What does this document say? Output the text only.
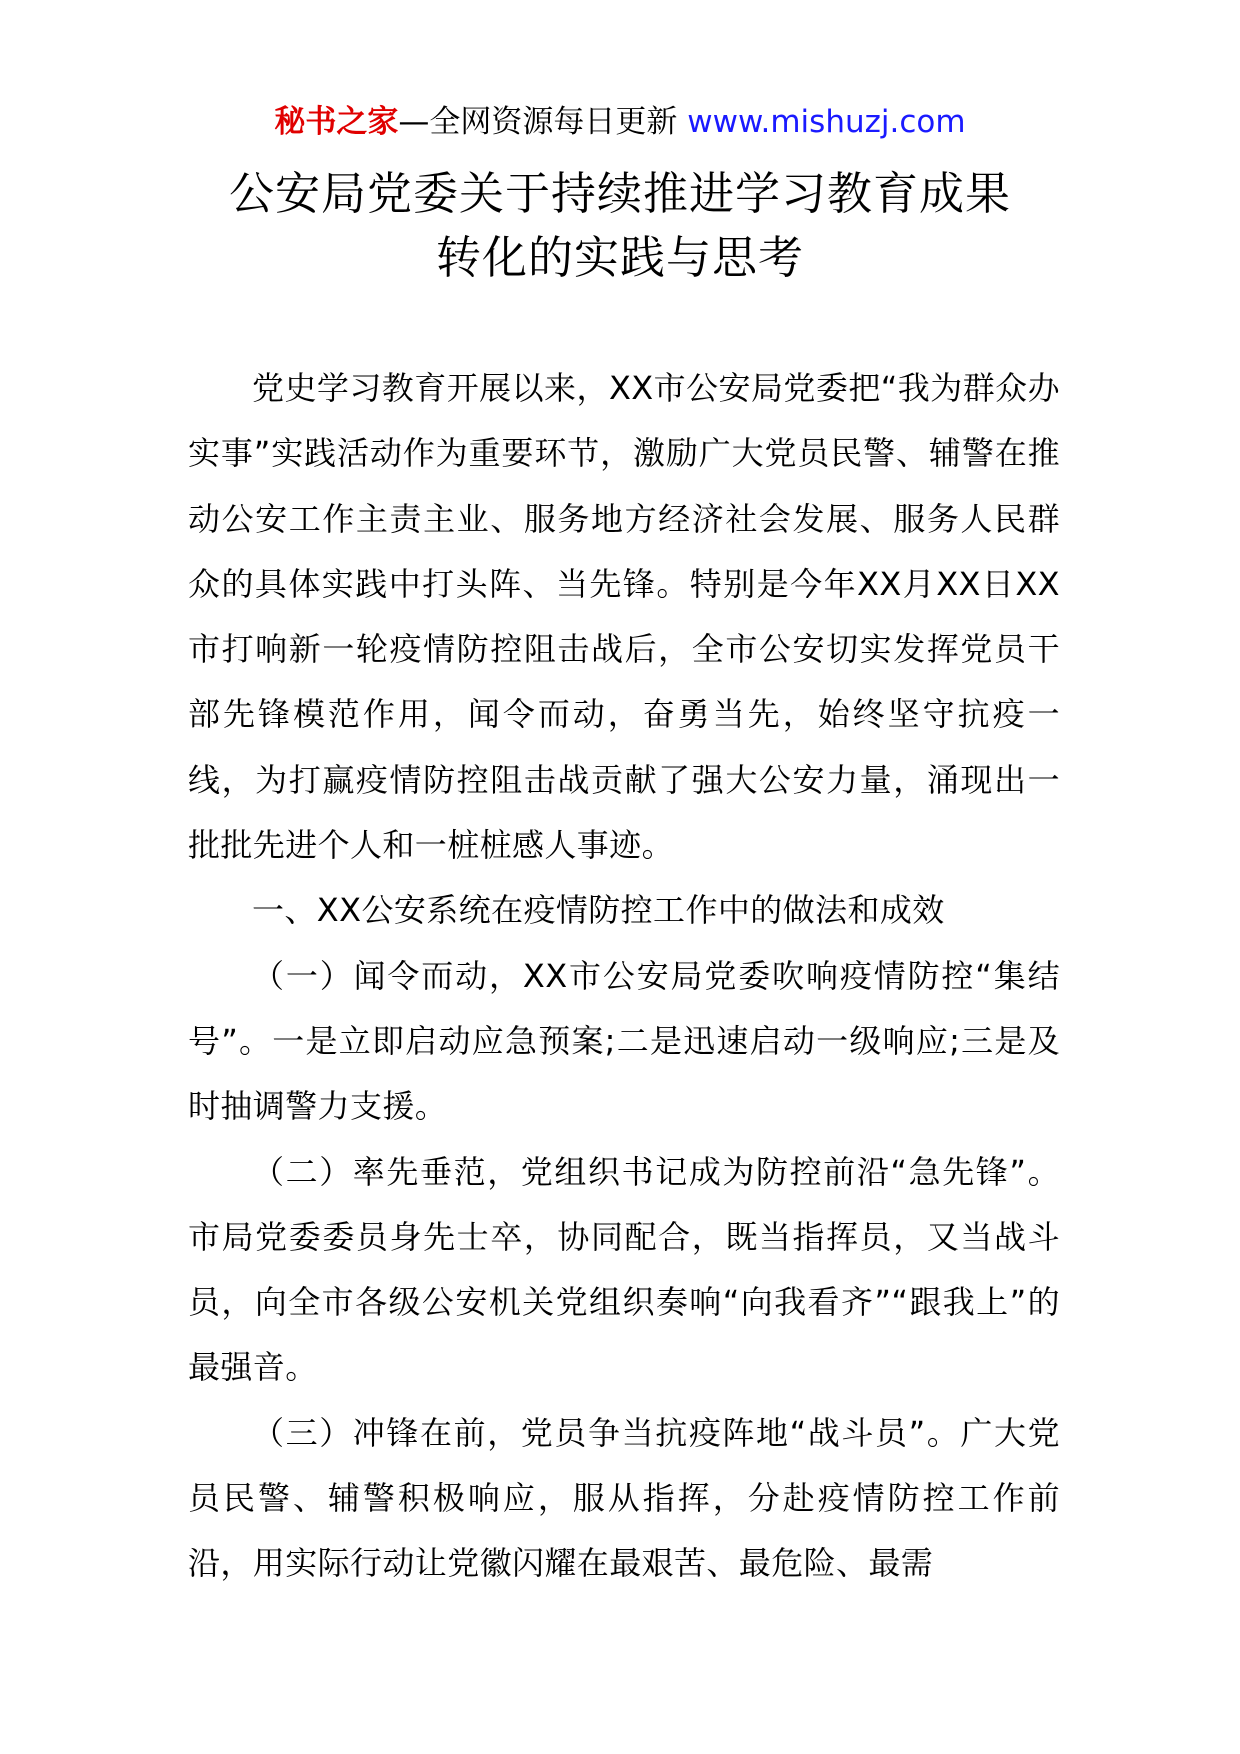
秘书之家—全网资源每日更新 www.mishuzj.com
公安局党委关于持续推进学习教育成果
转化的实践与思考

党史学习教育开展以来，XX市公安局党委把“我为群众办实事”实践活动作为重要环节，激励广大党员民警、辅警在推动公安工作主责主业、服务地方经济社会发展、服务人民群众的具体实践中打头阵、当先锋。特别是今年XX月XX日XX市打响新一轮疫情防控阻击战后，全市公安切实发挥党员干部先锋模范作用，闻令而动，奋勇当先，始终坚守抗疫一线，为打赢疫情防控阻击战贡献了强大公安力量，涌现出一批批先进个人和一桩桩感人事迹。

一、XX公安系统在疫情防控工作中的做法和成效

（一）闻令而动，XX市公安局党委吹响疫情防控“集结号”。一是立即启动应急预案;二是迅速启动一级响应;三是及时抽调警力支援。

（二）率先垂范，党组织书记成为防控前沿“急先锋”。市局党委委员身先士卒，协同配合，既当指挥员，又当战斗员，向全市各级公安机关党组织奏响“向我看齐”“跟我上”的最强音。

（三）冲锋在前，党员争当抗疫阵地“战斗员”。广大党员民警、辅警积极响应，服从指挥，分赴疫情防控工作前沿，用实际行动让党徽闪耀在最艰苦、最危险、最需
